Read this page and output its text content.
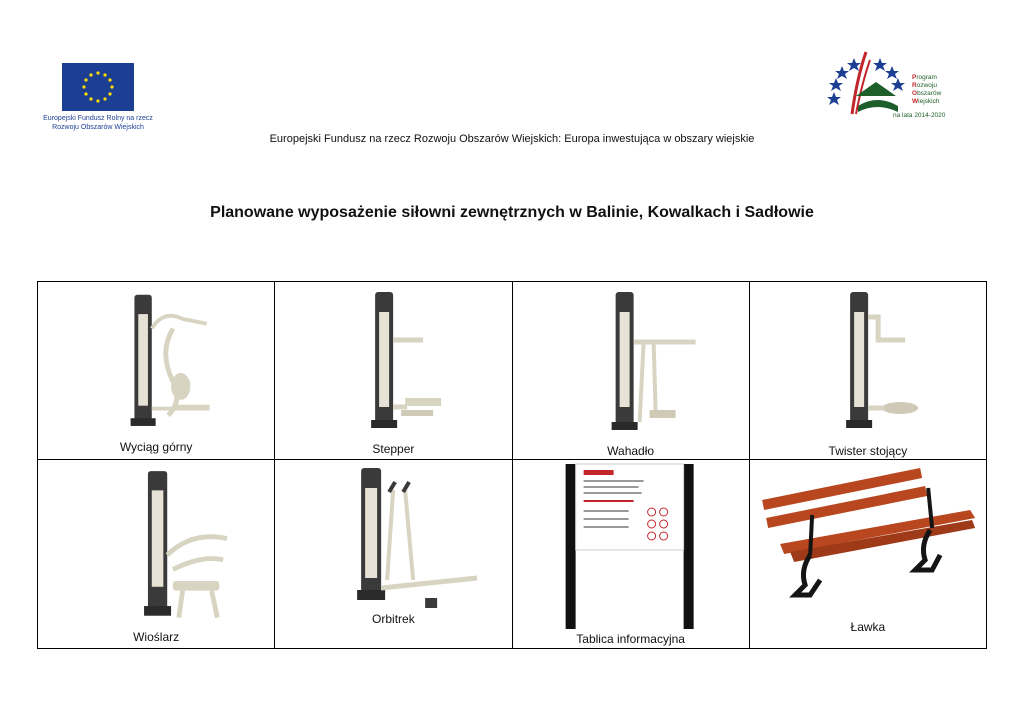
Europejski Fundusz Rolny na rzecz Rozwoju Obszarów Wiejskich
Program
Rozwoju
Obszarów
Wiejskich
na lata 2014-2020
Europejski Fundusz na rzecz Rozwoju Obszarów Wiejskich: Europa inwestująca w obszary wiejskie
Planowane wyposażenie siłowni zewnętrznych w Balinie, Kowalkach i Sadłowie
Wyciąg górny	Stepper	Wahadło	Twister stojący

Wioślarz	Orbitrek	Tablica informacyjna	Ławka
